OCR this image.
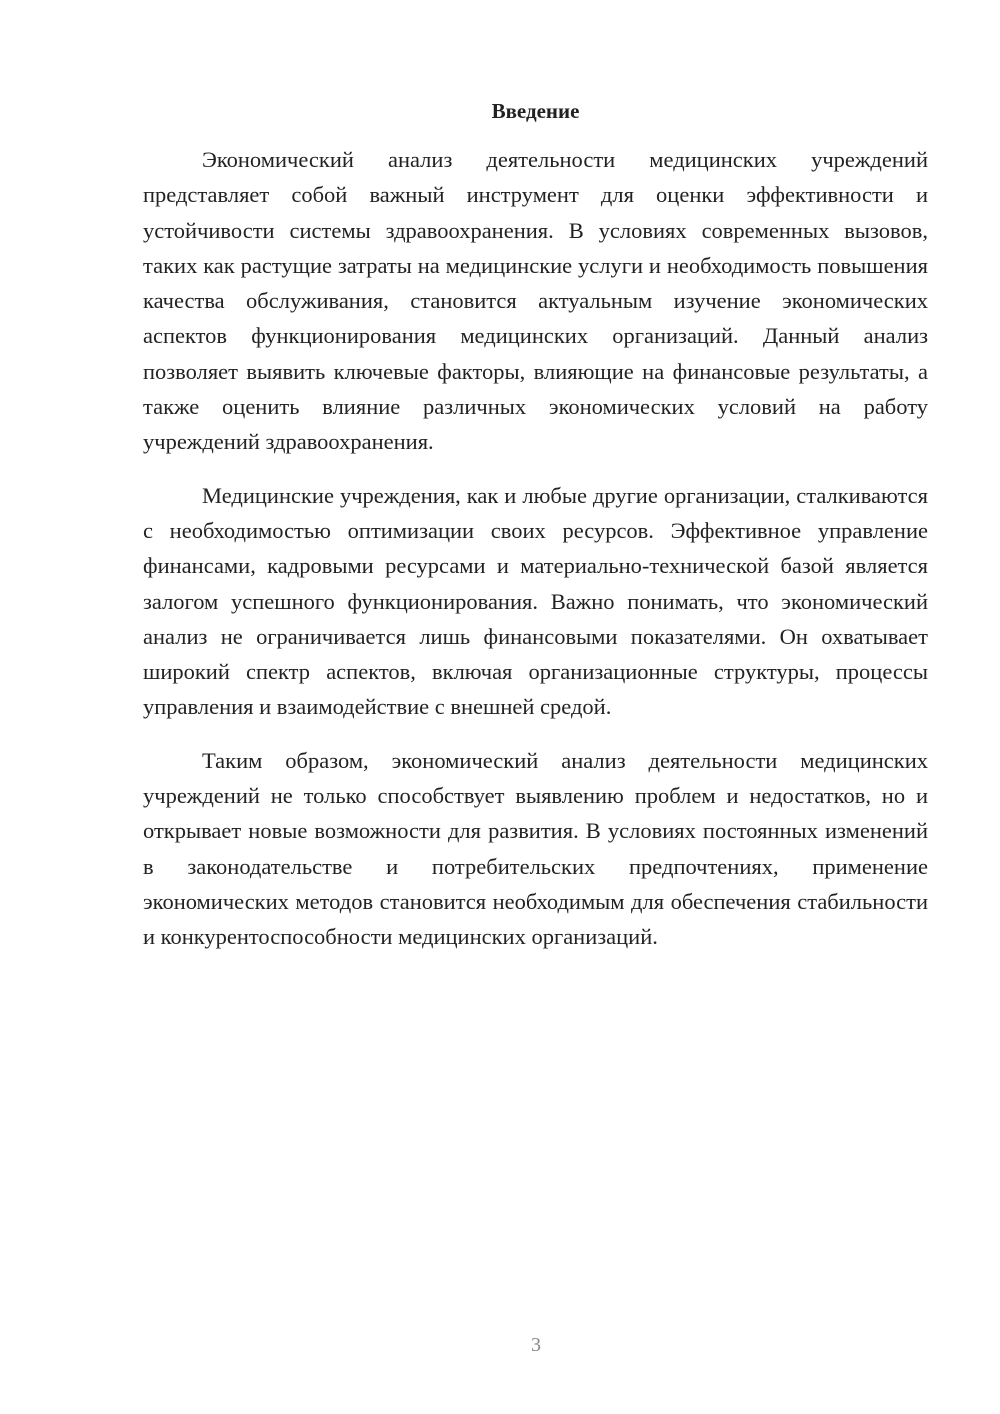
Введение

Экономический анализ деятельности медицинских учреждений представляет собой важный инструмент для оценки эффективности и устойчивости системы здравоохранения. В условиях современных вызовов, таких как растущие затраты на медицинские услуги и необходимость повышения качества обслуживания, становится актуальным изучение экономических аспектов функционирования медицинских организаций. Данный анализ позволяет выявить ключевые факторы, влияющие на финансовые результаты, а также оценить влияние различных экономических условий на работу учреждений здравоохранения.

Медицинские учреждения, как и любые другие организации, сталкиваются с необходимостью оптимизации своих ресурсов. Эффективное управление финансами, кадровыми ресурсами и материально-технической базой является залогом успешного функционирования. Важно понимать, что экономический анализ не ограничивается лишь финансовыми показателями. Он охватывает широкий спектр аспектов, включая организационные структуры, процессы управления и взаимодействие с внешней средой.

Таким образом, экономический анализ деятельности медицинских учреждений не только способствует выявлению проблем и недостатков, но и открывает новые возможности для развития. В условиях постоянных изменений в законодательстве и потребительских предпочтениях, применение экономических методов становится необходимым для обеспечения стабильности и конкурентоспособности медицинских организаций.

3
